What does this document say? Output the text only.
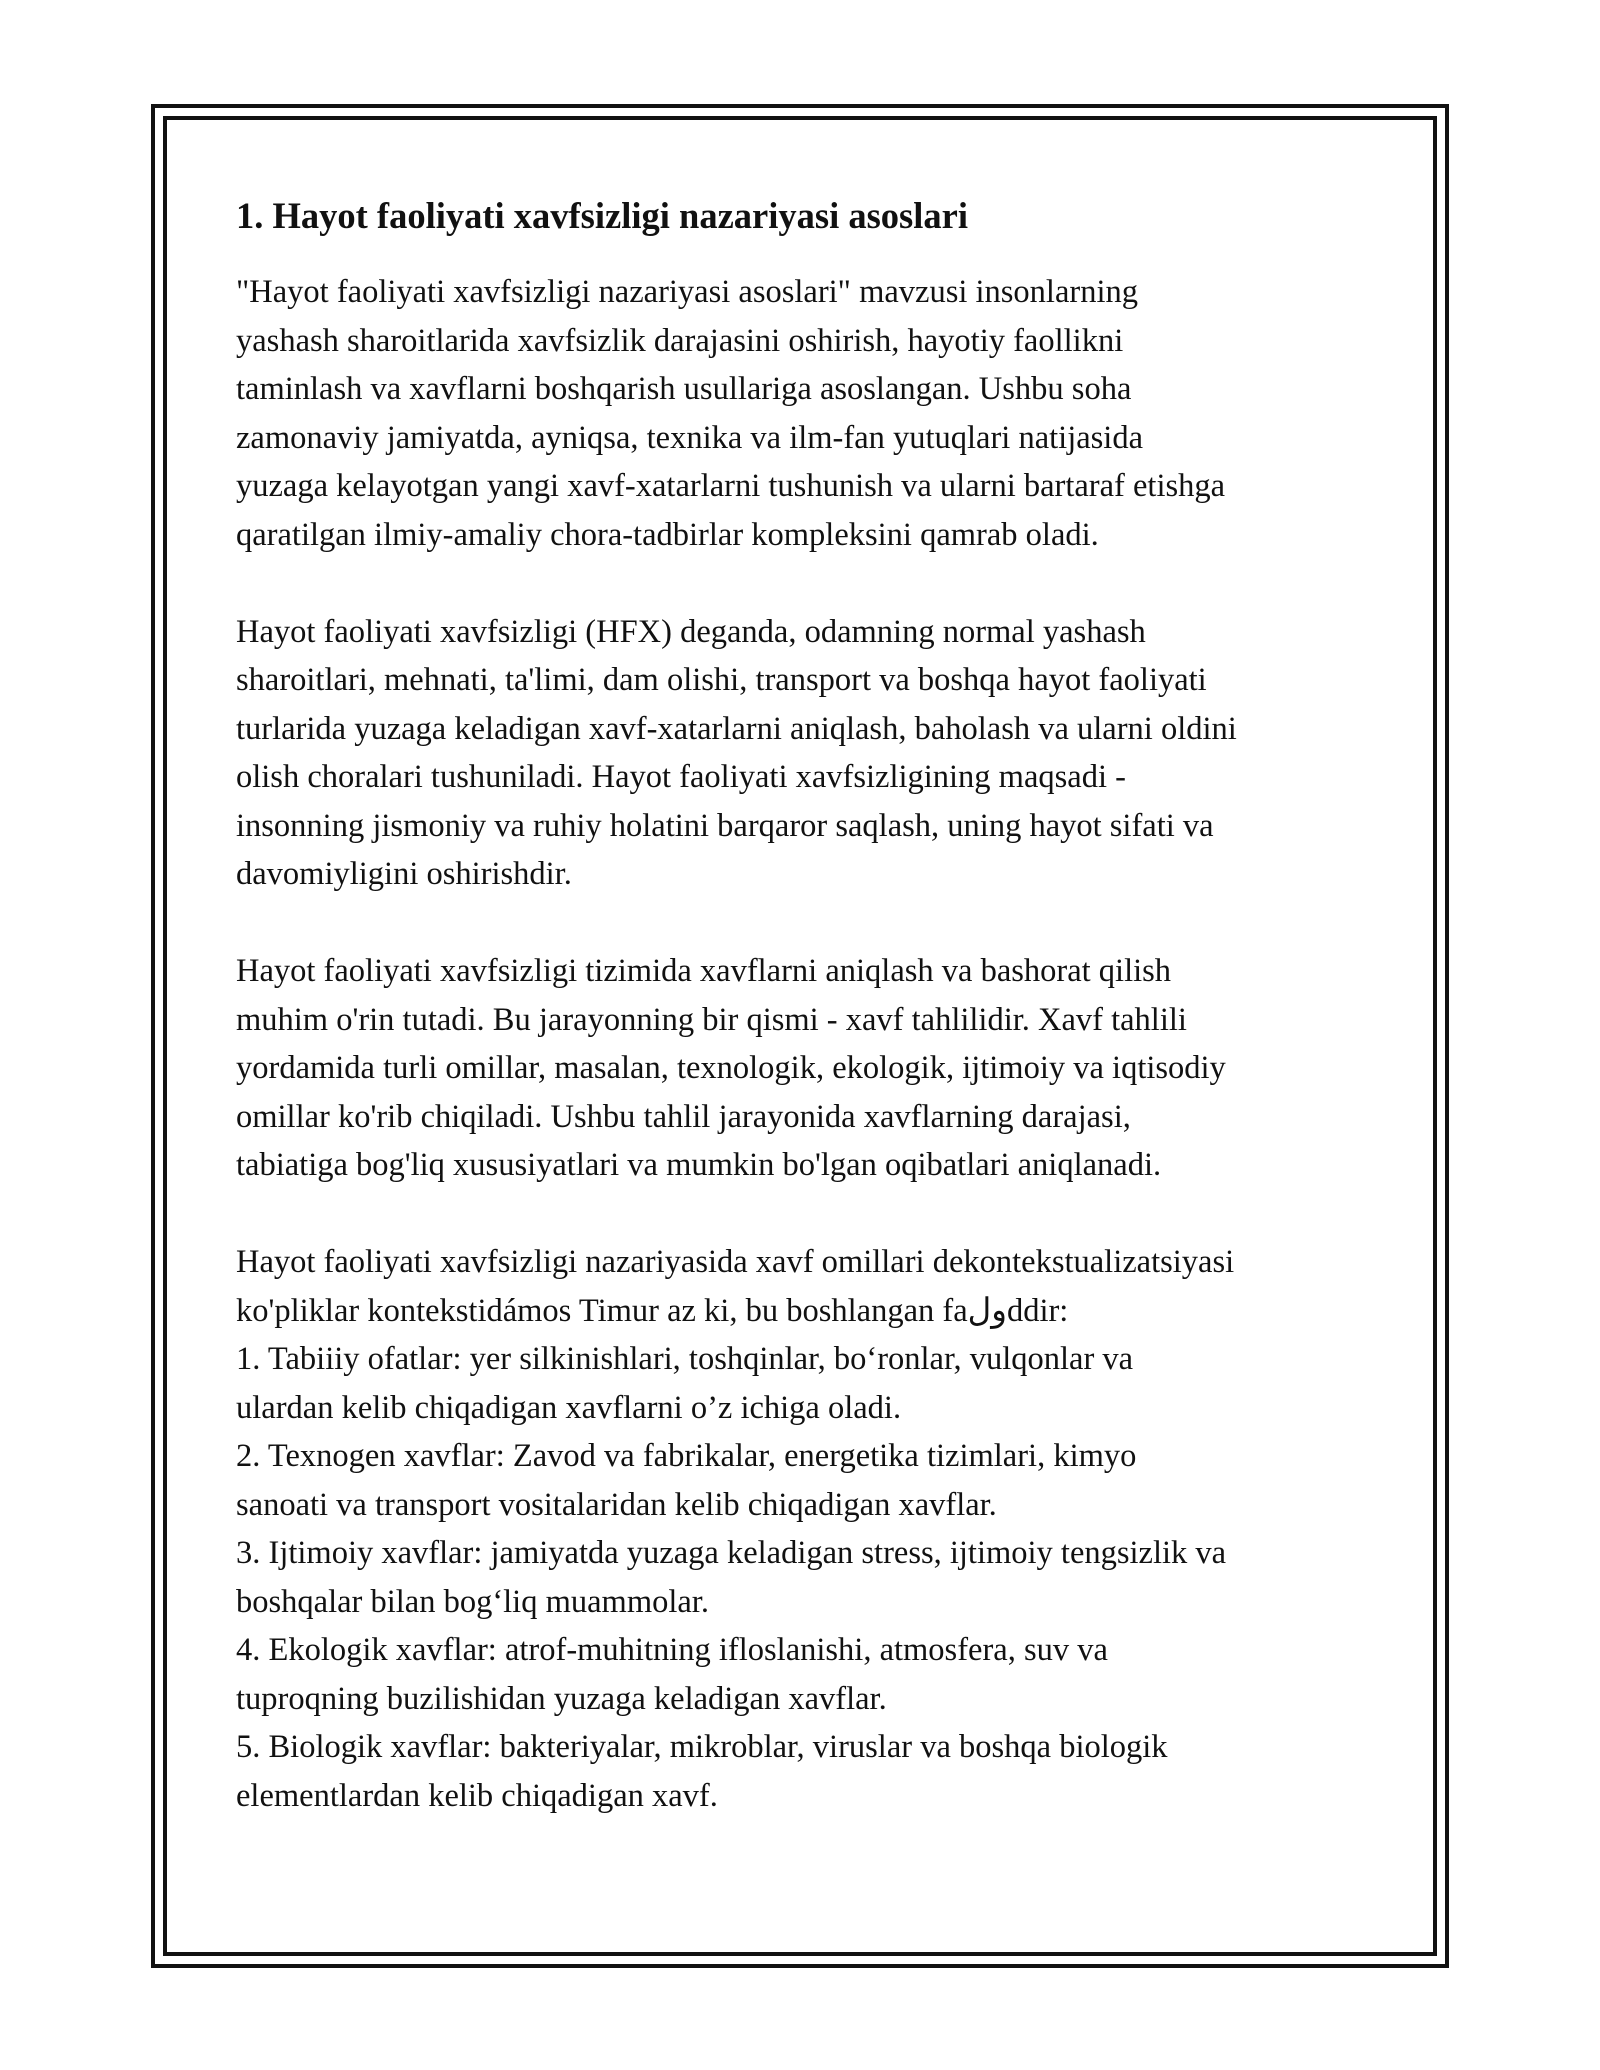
1. Hayot faoliyati xavfsizligi nazariyasi asoslari
"Hayot faoliyati xavfsizligi nazariyasi asoslari" mavzusi insonlarning
yashash sharoitlarida xavfsizlik darajasini oshirish, hayotiy faollikni
taminlash va xavflarni boshqarish usullariga asoslangan. Ushbu soha
zamonaviy jamiyatda, ayniqsa, texnika va ilm-fan yutuqlari natijasida
yuzaga kelayotgan yangi xavf-xatarlarni tushunish va ularni bartaraf etishga
qaratilgan ilmiy-amaliy chora-tadbirlar kompleksini qamrab oladi.
Hayot faoliyati xavfsizligi (HFX) deganda, odamning normal yashash
sharoitlari, mehnati, ta'limi, dam olishi, transport va boshqa hayot faoliyati
turlarida yuzaga keladigan xavf-xatarlarni aniqlash, baholash va ularni oldini
olish choralari tushuniladi. Hayot faoliyati xavfsizligining maqsadi -
insonning jismoniy va ruhiy holatini barqaror saqlash, uning hayot sifati va
davomiyligini oshirishdir.
Hayot faoliyati xavfsizligi tizimida xavflarni aniqlash va bashorat qilish
muhim o'rin tutadi. Bu jarayonning bir qismi - xavf tahlilidir. Xavf tahlili
yordamida turli omillar, masalan, texnologik, ekologik, ijtimoiy va iqtisodiy
omillar ko'rib chiqiladi. Ushbu tahlil jarayonida xavflarning darajasi,
tabiatiga bog'liq xususiyatlari va mumkin bo'lgan oqibatlari aniqlanadi.
Hayot faoliyati xavfsizligi nazariyasida xavf omillari dekontekstualizatsiyasi
ko'pliklar kontekstidámos Timur az ki, bu boshlangan faولddir:
1. Tabiiiy ofatlar: yer silkinishlari, toshqinlar, bo‘ronlar, vulqonlar va
ulardan kelib chiqadigan xavflarni o’z ichiga oladi.
2. Texnogen xavflar: Zavod va fabrikalar, energetika tizimlari, kimyo
sanoati va transport vositalaridan kelib chiqadigan xavflar.
3. Ijtimoiy xavflar: jamiyatda yuzaga keladigan stress, ijtimoiy tengsizlik va
boshqalar bilan bog‘liq muammolar.
4. Ekologik xavflar: atrof-muhitning ifloslanishi, atmosfera, suv va
tuproqning buzilishidan yuzaga keladigan xavflar.
5. Biologik xavflar: bakteriyalar, mikroblar, viruslar va boshqa biologik
elementlardan kelib chiqadigan xavf.
